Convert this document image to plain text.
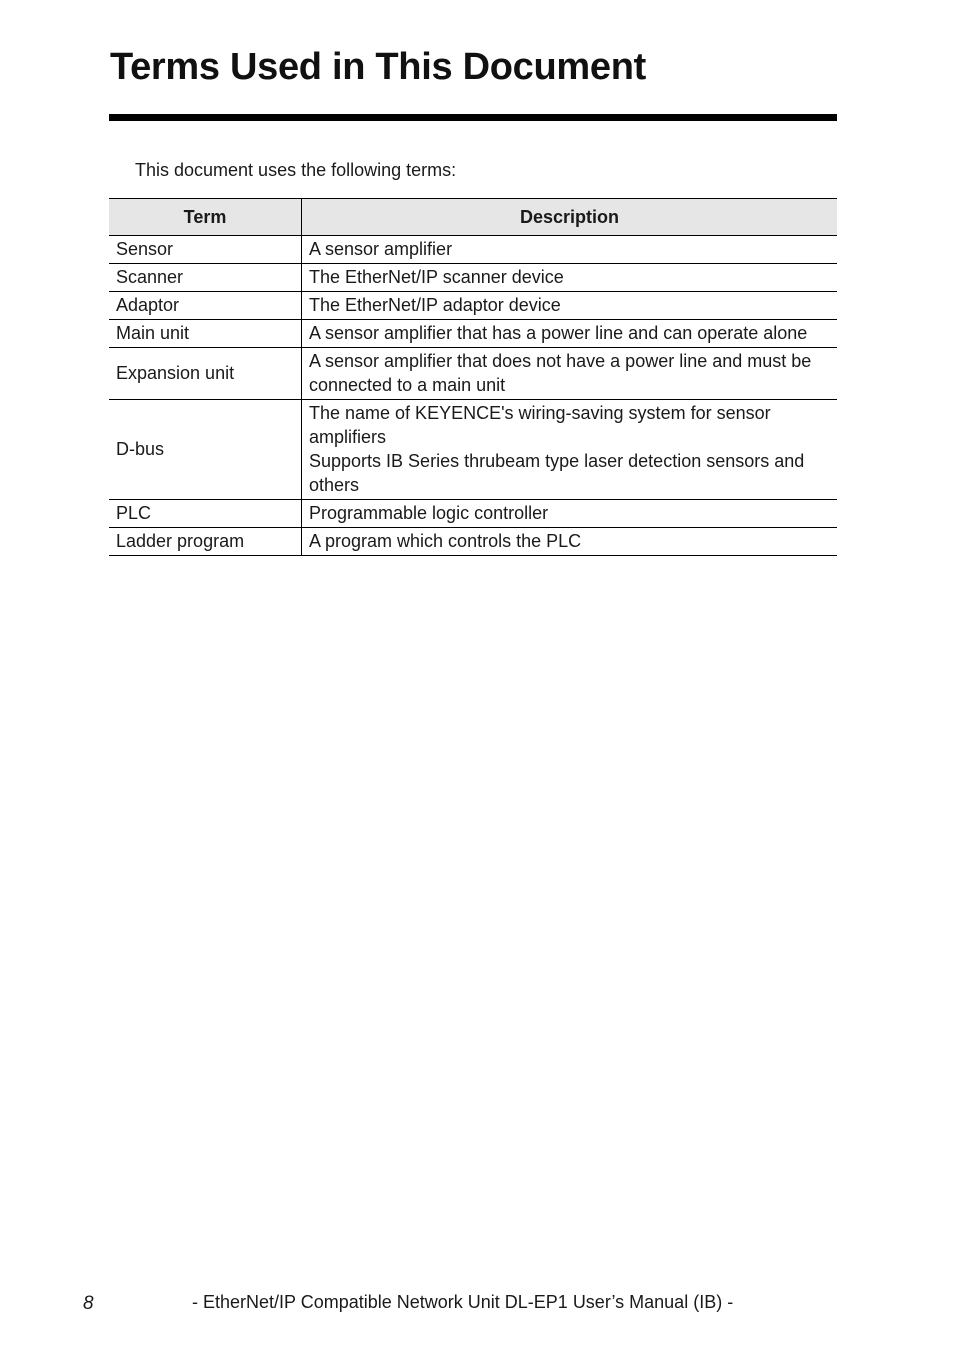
Terms Used in This Document
This document uses the following terms:
Term	Description
Sensor	A sensor amplifier
Scanner	The EtherNet/IP scanner device
Adaptor	The EtherNet/IP adaptor device
Main unit	A sensor amplifier that has a power line and can operate alone
Expansion unit	A sensor amplifier that does not have a power line and must be connected to a main unit
D-bus	The name of KEYENCE's wiring-saving system for sensor amplifiers
Supports IB Series thrubeam type laser detection sensors and others
PLC	Programmable logic controller
Ladder program	A program which controls the PLC
8	- EtherNet/IP Compatible Network Unit DL-EP1 User’s Manual (IB) -
